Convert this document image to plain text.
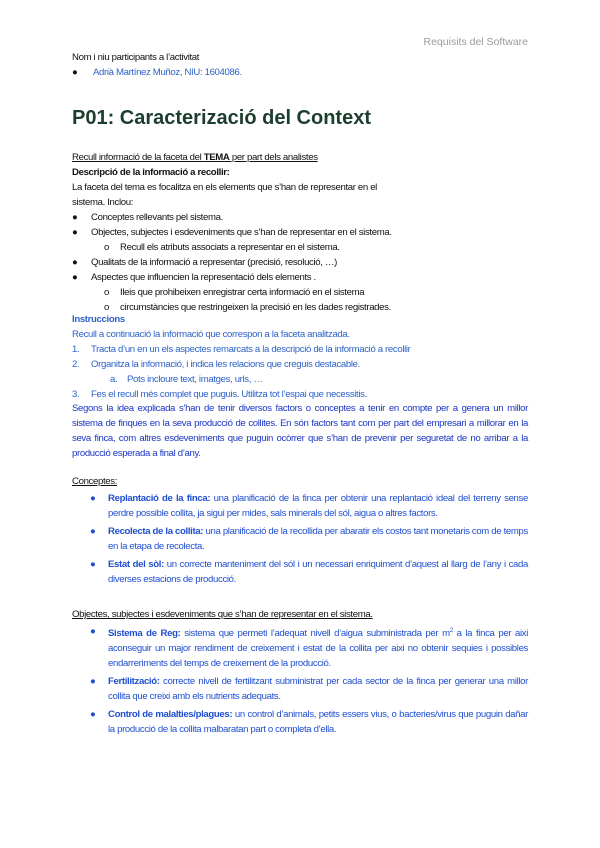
Requisits del Software
Nom i niu participants a l’activitat
● Adrià Martínez Muñoz, NIU: 1604086.
P01: Caracterizació del Context
Recull informació de la faceta del TEMA per part dels analistes
Descripció de la informació a recollir:
La faceta del tema es focalitza en els elements que s’han de representar en el
sistema. Inclou:
● Conceptes rellevants pel sistema.
● Objectes, subjectes i esdeveniments que s’han de representar en el sistema.
o Recull els atributs associats a representar en el sistema.
● Qualitats de la informació a representar (precisió, resolució, …)
● Aspectes que influencien la representació dels elements .
o Ileis que prohibeixen enregistrar certa informació en el sistema
o circumstàncies que restringeixen la precisió en les dades registrades.
Instruccions
Recull a continuació la informació que correspon a la faceta analitzada.
1. Tracta d’un en un els aspectes remarcats a la descripció de la informació a recollir
2. Organitza la informació, i indica les relacions que creguis destacable.
a. Pots incloure text, imatges, urls, …
3. Fes el recull més complet que puguis. Utilitza tot l’espai que necessitis.
Segons la idea explicada s’han de tenir diversos factors o conceptes a tenir en compte per a genera un millor sistema de finques en la seva producció de collites. En són factors tant com per part del empresari a millorar en la seva finca, com altres esdeveniments que puguin ocòrrer que s’han de prevenir per seguretat de no arribar a la producció esperada a final d’any.
Conceptes:
● Replantació de la finca: una planificació de la finca per obtenir una replantació ideal del terreny sense perdre possible collita, ja sigui per mides, sals minerals del sól, aigua o altres factors.
● Recolecta de la collita: una planificació de la recollida per abaratir els costos tant monetaris com de temps en la etapa de recolecta.
● Estat del sòl: un correcte manteniment del sól i un necessari enriquiment d’aquest al llarg de l’any i cada diverses estacions de producció.
Objectes, subjectes i esdeveniments que s’han de representar en el sistema.
● Sistema de Reg: sistema que permeti l’adequat nivell d’aigua subministrada per $m^2$ a la finca per aixi aconseguir un major rendiment de creixement i estat de la collita per aixi no obtenir sequies i possibles endarreriments del temps de creixement de la producció.
● Fertilització: correcte nivell de fertilitzant subministrat per cada sector de la finca per generar una millor collita que creixi amb els nutrients adequats.
● Control de malalties/plagues: un control d’animals, petits essers vius, o bacteries/virus que puguin dañar la producció de la collita malbaratan part o completa d’ella.
